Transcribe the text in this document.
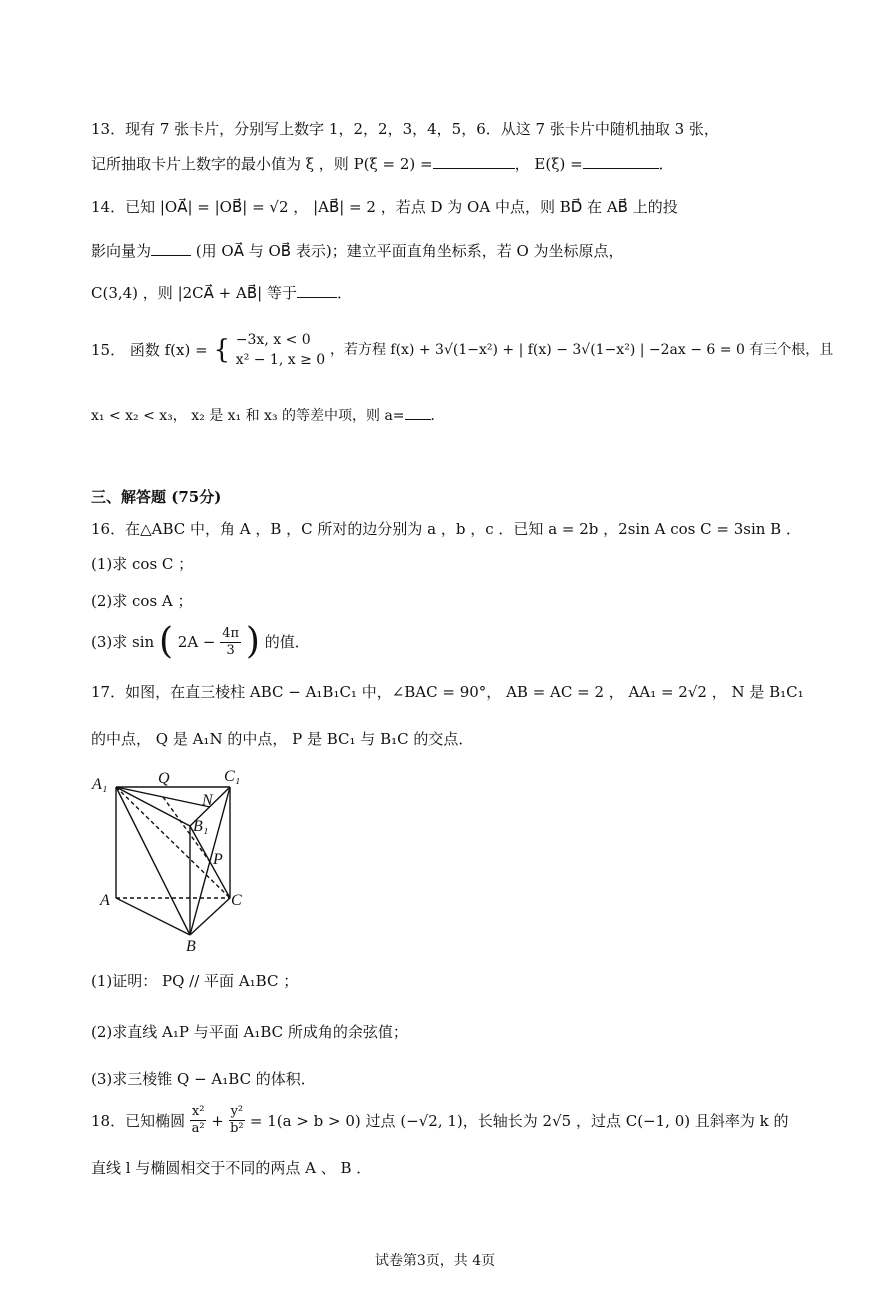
13．现有 7 张卡片，分别写上数字 1，2，2，3，4，5，6．从这 7 张卡片中随机抽取 3 张，
记所抽取卡片上数字的最小值为 ξ ，则 P(ξ = 2) =	， E(ξ) =	．
14．已知 |OA⃗| = |OB⃗| = √2 ， |AB⃗| = 2 ，若点 D 为 OA 中点，则 BD⃗ 在 AB⃗ 上的投
影向量为	(用 OA⃗ 与 OB⃗ 表示)；建立平面直角坐标系，若 O 为坐标原点，
C(3,4) ，则 |2CA⃗ + AB⃗| 等于	．
15． 函数 f(x) = { −3x, x < 0
x² − 1, x ≥ 0
，若方程 f(x) + 3√(1−x²) + | f(x) − 3√(1−x²) | −2ax − 6 = 0 有三个根，且
x₁ < x₂ < x₃， x₂ 是 x₁ 和 x₃ 的等差中项，则 a= ．
三、解答题 (75分)
16．在△ABC 中，角 A ，B ，C 所对的边分别为 a ，b ，c ．已知 a = 2b ，2sin A cos C = 3sin B ．
(1)求 cos C ；
(2)求 cos A ；
(3)求 sin ( $2A - \frac{4\pi}{3}$ ) 的值．
17．如图，在直三棱柱 ABC − A₁B₁C₁ 中，∠BAC = 90°， AB = AC = 2 ， AA₁ = 2√2 ， N 是 B₁C₁
的中点， Q 是 A₁N 的中点， P 是 BC₁ 与 B₁C 的交点．
A₁	Q	C₁
N
B₁
P
A	C
B
(1)证明： PQ // 平面 A₁BC ；
(2)求直线 A₁P 与平面 A₁BC 所成角的余弦值；
(3)求三棱锥 Q − A₁BC 的体积．
18．已知椭圆 $\frac{\text{x²}}{\text{a²}} + \frac{\text{y²}}{\text{b²}} = 1(a > b > 0)$ 过点 (−√2, 1)，长轴长为 2√5 ，过点 C(−1, 0) 且斜率为 k 的
直线 l 与椭圆相交于不同的两点 A 、 B ．
试卷第3页，共 4页
